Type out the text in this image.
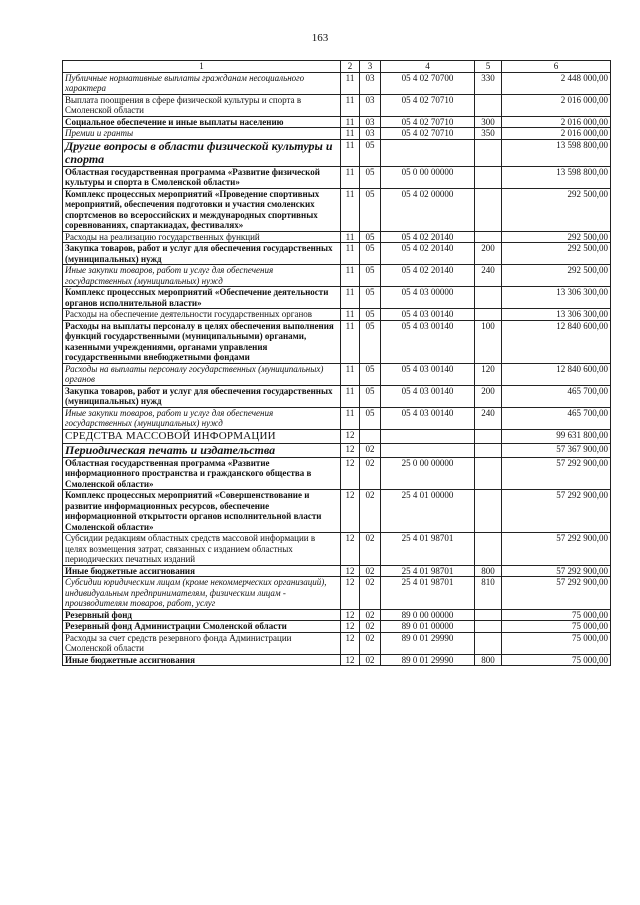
163
1	2	3	4	5	6
Публичные нормативные выплаты гражданам несоциального характера	11	03	05 4 02 70700	330	2 448 000,00
Выплата поощрения в сфере физической культуры и спорта в Смоленской области	11	03	05 4 02 70710		2 016 000,00
Социальное обеспечение и иные выплаты населению	11	03	05 4 02 70710	300	2 016 000,00
Премии и гранты	11	03	05 4 02 70710	350	2 016 000,00
Другие вопросы в области физической культуры и спорта	11	05			13 598 800,00
Областная государственная программа «Развитие физической культуры и спорта в Смоленской области»	11	05	05 0 00 00000		13 598 800,00
Комплекс процессных мероприятий «Проведение спортивных мероприятий, обеспечения подготовки и участия смоленских спортсменов во всероссийских и международных спортивных соревнованиях, спартакиадах, фестивалях»	11	05	05 4 02 00000		292 500,00
Расходы на реализацию государственных функций	11	05	05 4 02 20140		292 500,00
Закупка товаров, работ и услуг для обеспечения государственных (муниципальных) нужд	11	05	05 4 02 20140	200	292 500,00
Иные закупки товаров, работ и услуг для обеспечения государственных (муниципальных) нужд	11	05	05 4 02 20140	240	292 500,00
Комплекс процессных мероприятий «Обеспечение деятельности органов исполнительной власти»	11	05	05 4 03 00000		13 306 300,00
Расходы на обеспечение деятельности государственных органов	11	05	05 4 03 00140		13 306 300,00
Расходы на выплаты персоналу в целях обеспечения выполнения функций государственными (муниципальными) органами, казенными учреждениями, органами управления государственными внебюджетными фондами	11	05	05 4 03 00140	100	12 840 600,00
Расходы на выплаты персоналу государственных (муниципальных) органов	11	05	05 4 03 00140	120	12 840 600,00
Закупка товаров, работ и услуг для обеспечения государственных (муниципальных) нужд	11	05	05 4 03 00140	200	465 700,00
Иные закупки товаров, работ и услуг для обеспечения государственных (муниципальных) нужд	11	05	05 4 03 00140	240	465 700,00
СРЕДСТВА МАССОВОЙ ИНФОРМАЦИИ	12				99 631 800,00
Периодическая печать и издательства	12	02			57 367 900,00
Областная государственная программа «Развитие информационного пространства и гражданского общества в Смоленской области»	12	02	25 0 00 00000		57 292 900,00
Комплекс процессных мероприятий «Совершенствование и развитие информационных ресурсов, обеспечение информационной открытости органов исполнительной власти Смоленской области»	12	02	25 4 01 00000		57 292 900,00
Субсидии редакциям областных средств массовой информации в целях возмещения затрат, связанных с изданием областных периодических печатных изданий	12	02	25 4 01 98701		57 292 900,00
Иные бюджетные ассигнования	12	02	25 4 01 98701	800	57 292 900,00
Субсидии юридическим лицам (кроме некоммерческих организаций), индивидуальным предпринимателям, физическим лицам - производителям товаров, работ, услуг	12	02	25 4 01 98701	810	57 292 900,00
Резервный фонд	12	02	89 0 00 00000		75 000,00
Резервный фонд Администрации Смоленской области	12	02	89 0 01 00000		75 000,00
Расходы за счет средств резервного фонда Администрации Смоленской области	12	02	89 0 01 29990		75 000,00
Иные бюджетные ассигнования	12	02	89 0 01 29990	800	75 000,00
